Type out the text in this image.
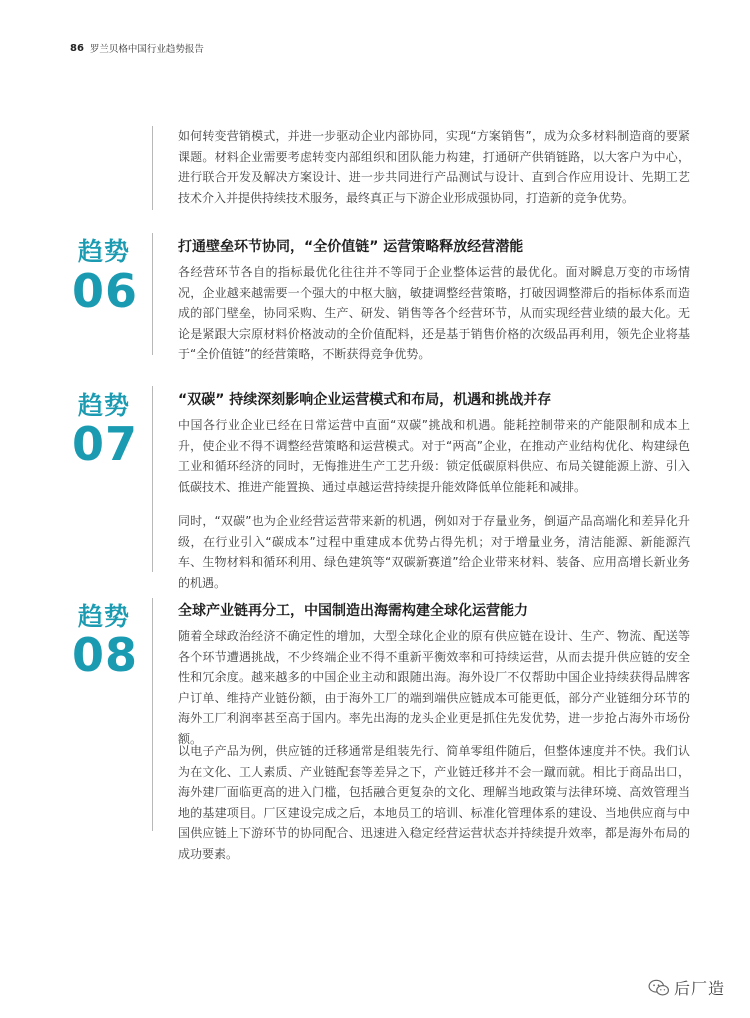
86 罗兰贝格中国行业趋势报告

如何转变营销模式，并进一步驱动企业内部协同，实现“方案销售”，成为众多材料制造商的要紧课题。材料企业需要考虑转变内部组织和团队能力构建，打通研产供销链路，以大客户为中心，进行联合开发及解决方案设计、进一步共同进行产品测试与设计、直到合作应用设计、先期工艺技术介入并提供持续技术服务，最终真正与下游企业形成强协同，打造新的竞争优势。

趋势
06
打通壁垒环节协同，“全价值链” 运营策略释放经营潜能

各经营环节各自的指标最优化往往并不等同于企业整体运营的最优化。面对瞬息万变的市场情况，企业越来越需要一个强大的中枢大脑，敏捷调整经营策略，打破因调整滞后的指标体系而造成的部门壁垒，协同采购、生产、研发、销售等各个经营环节，从而实现经营业绩的最大化。无论是紧跟大宗原材料价格波动的全价值配料，还是基于销售价格的次级品再利用，领先企业将基于“全价值链”的经营策略，不断获得竞争优势。

趋势
07
“双碳” 持续深刻影响企业运营模式和布局，机遇和挑战并存

中国各行业企业已经在日常运营中直面“双碳”挑战和机遇。能耗控制带来的产能限制和成本上升，使企业不得不调整经营策略和运营模式。对于“两高”企业，在推动产业结构优化、构建绿色工业和循环经济的同时，无悔推进生产工艺升级：锁定低碳原料供应、布局关键能源上游、引入低碳技术、推进产能置换、通过卓越运营持续提升能效降低单位能耗和减排。

同时，“双碳”也为企业经营运营带来新的机遇，例如对于存量业务，倒逼产品高端化和差异化升级，在行业引入“碳成本”过程中重建成本优势占得先机；对于增量业务，清洁能源、新能源汽车、生物材料和循环利用、绿色建筑等“双碳新赛道”给企业带来材料、装备、应用高增长新业务的机遇。

趋势
08
全球产业链再分工，中国制造出海需构建全球化运营能力

随着全球政治经济不确定性的增加，大型全球化企业的原有供应链在设计、生产、物流、配送等各个环节遭遇挑战，不少终端企业不得不重新平衡效率和可持续运营，从而去提升供应链的安全性和冗余度。越来越多的中国企业主动和跟随出海。海外设厂不仅帮助中国企业持续获得品牌客户订单、维持产业链份额，由于海外工厂的端到端供应链成本可能更低，部分产业链细分环节的海外工厂利润率甚至高于国内。率先出海的龙头企业更是抓住先发优势，进一步抢占海外市场份额。

以电子产品为例，供应链的迁移通常是组装先行、简单零组件随后，但整体速度并不快。我们认为在文化、工人素质、产业链配套等差异之下，产业链迁移并不会一蹴而就。相比于商品出口，海外建厂面临更高的进入门槛，包括融合更复杂的文化、理解当地政策与法律环境、高效管理当地的基建项目。厂区建设完成之后，本地员工的培训、标准化管理体系的建设、当地供应商与中国供应链上下游环节的协同配合、迅速进入稳定经营运营状态并持续提升效率，都是海外布局的成功要素。

后厂造
